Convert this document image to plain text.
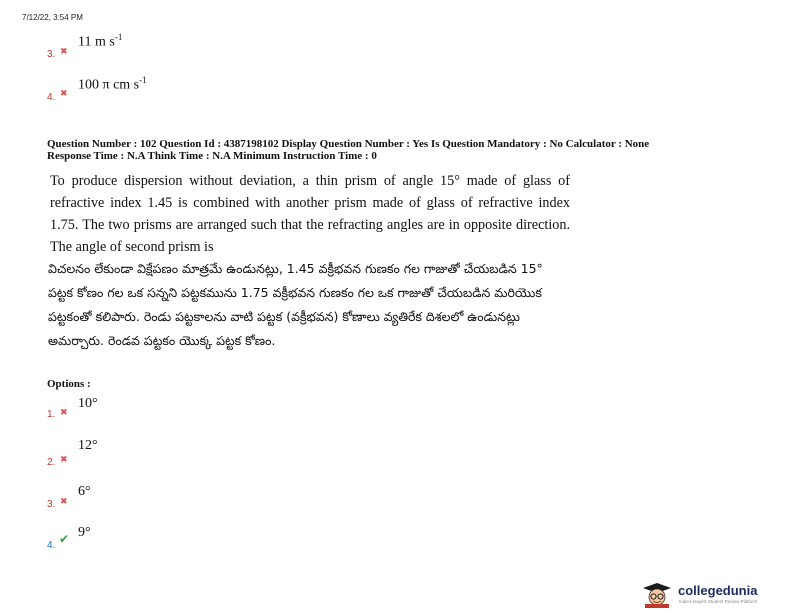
7/12/22, 3:54 PM
3. ✖
11 m $s^{-1}$
4. ✖
100 π cm $s^{-1}$
Question Number : 102 Question Id : 4387198102 Display Question Number : Yes Is Question Mandatory : No Calculator : None
Response Time : N.A Think Time : N.A Minimum Instruction Time : 0
To produce dispersion without deviation, a thin prism of angle 15° made of glass of refractive index 1.45 is combined with another prism made of glass of refractive index 1.75. The two prisms are arranged such that the refracting angles are in opposite direction. The angle of second prism is
విచలనం లేకుండా విక్షేపణం మాత్రమే ఉండునట్లు, 1.45 వక్రీభవన గుణకం గల గాజుతో చేయబడిన 15° పట్టక కోణం గల ఒక సన్నని పట్టకమును 1.75 వక్రీభవన గుణకం గల ఒక గాజుతో చేయబడిన మరియొక పట్టకంతో కలిపారు. రెండు పట్టకాలను వాటి పట్టక (వక్రీభవన) కోణాలు వ్యతిరేక దిశలలో ఉండునట్లు అమర్చారు. రెండవ పట్టకం యొక్క పట్టక కోణం.
Options :
1. ✖
10°
2. ✖
12°
3. ✖
6°
4. ✔ 9°
collegedunia
India's largest Student Review Platform
